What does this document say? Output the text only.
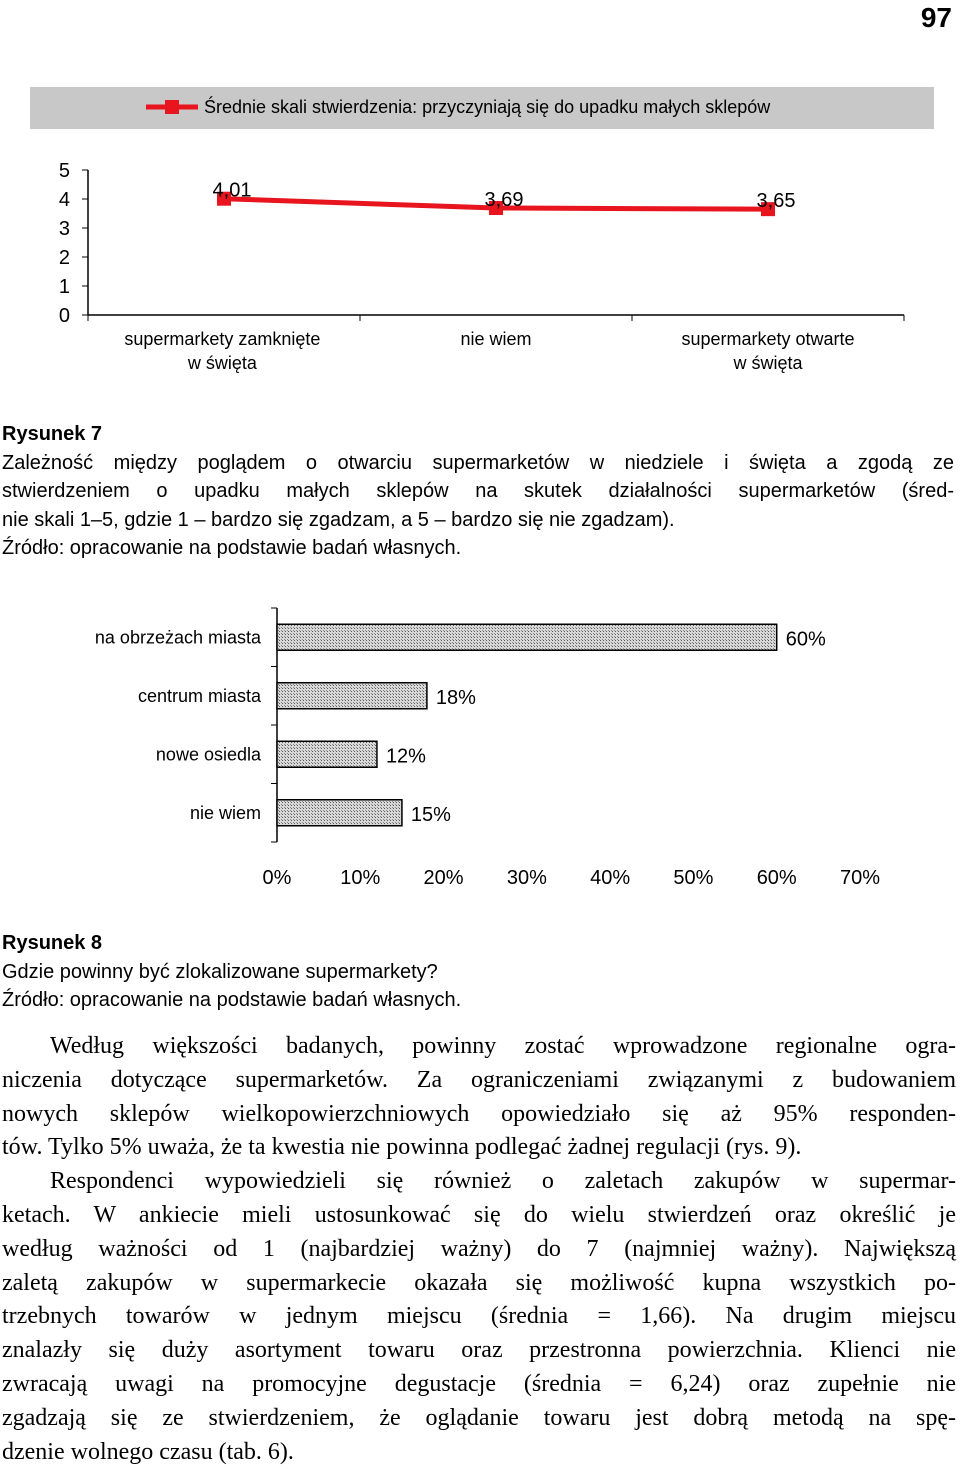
97
0
1
2
3
4
5
supermarkety zamknięte
w święta
nie wiem	supermarkety otwarte
w święta
4,01	3,69	3,65
Średnie skali stwierdzenia: przyczyniają się do upadku małych sklepów
Rysunek 7
Zależność między poglądem o otwarciu supermarketów w niedziele i święta a zgodą ze
stwierdzeniem o upadku małych sklepów na skutek działalności supermarketów (śred-
nie skali 1–5, gdzie 1 – bardzo się zgadzam, a 5 – bardzo się nie zgadzam).
Źródło: opracowanie na podstawie badań własnych.
0% 10% 20% 30% 40% 50% 60% 70%
na obrzeżach miasta
centrum miasta
nowe osiedla
nie wiem
60%
18%
12%
15%
Rysunek 8
Gdzie powinny być zlokalizowane supermarkety?
Źródło: opracowanie na podstawie badań własnych.

Według większości badanych, powinny zostać wprowadzone regionalne ogra-
niczenia dotyczące supermarketów. Za ograniczeniami związanymi z budowaniem
nowych sklepów wielkopowierzchniowych opowiedziało się aż 95% responden-
tów. Tylko 5% uważa, że ta kwestia nie powinna podlegać żadnej regulacji (rys. 9).

Respondenci wypowiedzieli się również o zaletach zakupów w supermar-
ketach. W ankiecie mieli ustosunkować się do wielu stwierdzeń oraz określić je
według ważności od 1 (najbardziej ważny) do 7 (najmniej ważny). Największą
zaletą zakupów w supermarkecie okazała się możliwość kupna wszystkich po-
trzebnych towarów w jednym miejscu (średnia = 1,66). Na drugim miejscu
znalazły się duży asortyment towaru oraz przestronna powierzchnia. Klienci nie
zwracają uwagi na promocyjne degustacje (średnia = 6,24) oraz zupełnie nie
zgadzają się ze stwierdzeniem, że oglądanie towaru jest dobrą metodą na spę-
dzenie wolnego czasu (tab. 6).
